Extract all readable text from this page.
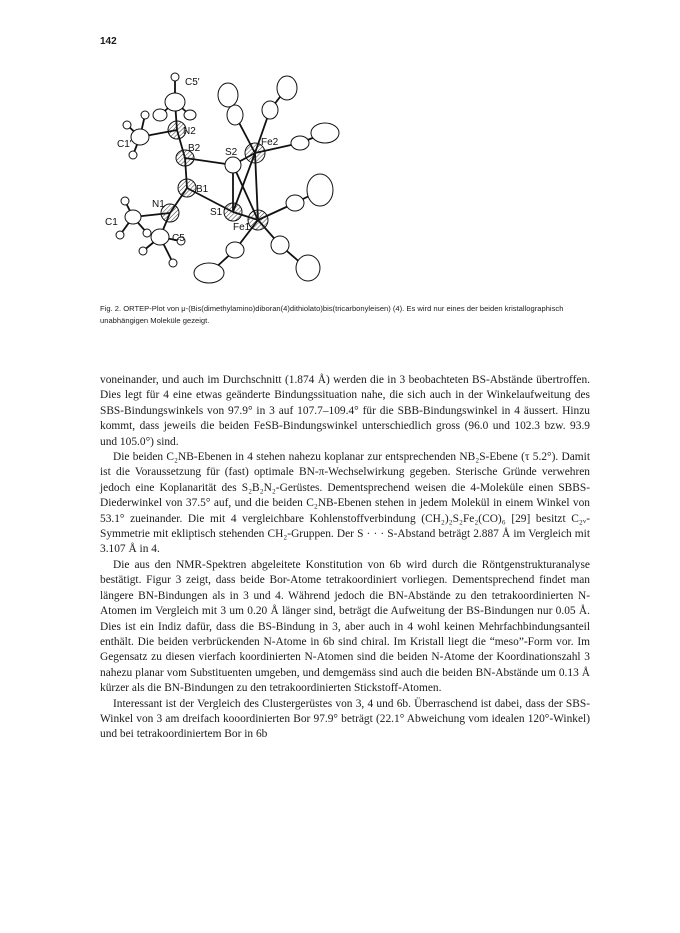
142
C5'
N2
C1'	B2 S2
Fe2
B1
N1
S1
C1	Fe1
C5
Fig. 2. ORTEP-Plot von μ-(Bis(dimethylamino)diboran(4)dithiolato)bis(tricarbonyleisen) (4). Es wird nur eines der beiden kristallographisch unabhängigen Moleküle gezeigt.

voneinander, und auch im Durchschnitt (1.874 Å) werden die in 3 beobachteten BS-Abstände übertroffen. Dies legt für 4 eine etwas geänderte Bindungssituation nahe, die sich auch in der Winkelaufweitung des SBS-Bindungswinkels von 97.9° in 3 auf 107.7–109.4° für die SBB-Bindungswinkel in 4 äussert. Hinzu kommt, dass jeweils die beiden FeSB-Bindungswinkel unterschiedlich gross (96.0 und 102.3 bzw. 93.9 und 105.0°) sind.

Die beiden C₂NB-Ebenen in 4 stehen nahezu koplanar zur entsprechenden NB₂S-Ebene (τ 5.2°). Damit ist die Voraussetzung für (fast) optimale BN-π-Wechselwirkung gegeben. Sterische Gründe verwehren jedoch eine Koplanarität des S₂B₂N₂-Gerüstes. Dementsprechend weisen die 4-Moleküle einen SBBS-Diederwinkel von 37.5° auf, und die beiden C₂NB-Ebenen stehen in jedem Molekül in einem Winkel von 53.1° zueinander. Die mit 4 vergleichbare Kohlenstoffverbindung (CH₂)₂S₂Fe₂(CO)₆ [29] besitzt C₂ᵥ-Symmetrie mit ekliptisch stehenden CH₂-Gruppen. Der S · · · S-Abstand beträgt 2.887 Å im Vergleich mit 3.107 Å in 4.

Die aus den NMR-Spektren abgeleitete Konstitution von 6b wird durch die Röntgenstrukturanalyse bestätigt. Figur 3 zeigt, dass beide Bor-Atome tetrakoordiniert vorliegen. Dementsprechend findet man längere BN-Bindungen als in 3 und 4. Während jedoch die BN-Abstände zu den tetrakoordinierten N-Atomen im Vergleich mit 3 um 0.20 Å länger sind, beträgt die Aufweitung der BS-Bindungen nur 0.05 Å. Dies ist ein Indiz dafür, dass die BS-Bindung in 3, aber auch in 4 wohl keinen Mehrfachbindungsanteil enthält. Die beiden verbrückenden N-Atome in 6b sind chiral. Im Kristall liegt die “meso”-Form vor. Im Gegensatz zu diesen vierfach koordinierten N-Atomen sind die beiden N-Atome der Koordinationszahl 3 nahezu planar vom Substituenten umgeben, und demgemäss sind auch die beiden BN-Abstände um 0.13 Å kürzer als die BN-Bindungen zu den tetrakoordinierten Stickstoff-Atomen.

Interessant ist der Vergleich des Clustergerüstes von 3, 4 und 6b. Überraschend ist dabei, dass der SBS-Winkel von 3 am dreifach kooordinierten Bor 97.9° beträgt (22.1° Abweichung vom idealen 120°-Winkel) und bei tetrakoordiniertem Bor in 6b
